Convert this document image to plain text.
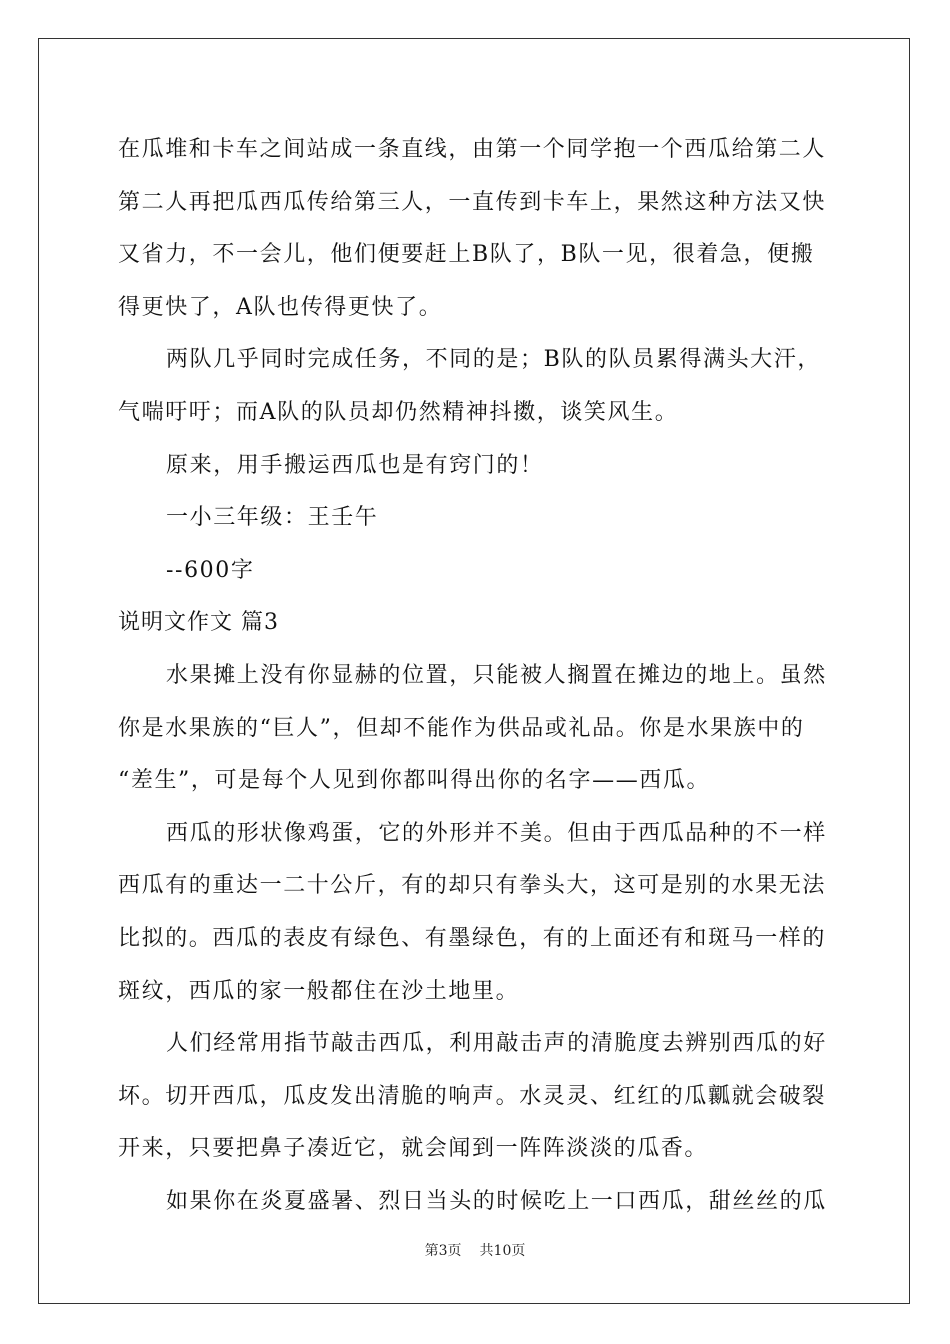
在瓜堆和卡车之间站成一条直线，由第一个同学抱一个西瓜给第二人
第二人再把瓜西瓜传给第三人，一直传到卡车上，果然这种方法又快
又省力，不一会儿，他们便要赶上B队了，B队一见，很着急，便搬
得更快了，A队也传得更快了。
两队几乎同时完成任务，不同的是；B队的队员累得满头大汗，
气喘吁吁；而A队的队员却仍然精神抖擞，谈笑风生。
原来，用手搬运西瓜也是有窍门的！
一小三年级：王壬午
--600字
说明文作文 篇3
水果摊上没有你显赫的位置，只能被人搁置在摊边的地上。虽然
你是水果族的“巨人”，但却不能作为供品或礼品。你是水果族中的
“差生”，可是每个人见到你都叫得出你的名字——西瓜。
西瓜的形状像鸡蛋，它的外形并不美。但由于西瓜品种的不一样
西瓜有的重达一二十公斤，有的却只有拳头大，这可是别的水果无法
比拟的。西瓜的表皮有绿色、有墨绿色，有的上面还有和斑马一样的
斑纹，西瓜的家一般都住在沙土地里。
人们经常用指节敲击西瓜，利用敲击声的清脆度去辨别西瓜的好
坏。切开西瓜，瓜皮发出清脆的响声。水灵灵、红红的瓜瓤就会破裂
开来，只要把鼻子凑近它，就会闻到一阵阵淡淡的瓜香。
如果你在炎夏盛暑、烈日当头的时候吃上一口西瓜，甜丝丝的瓜
第3页 共10页
